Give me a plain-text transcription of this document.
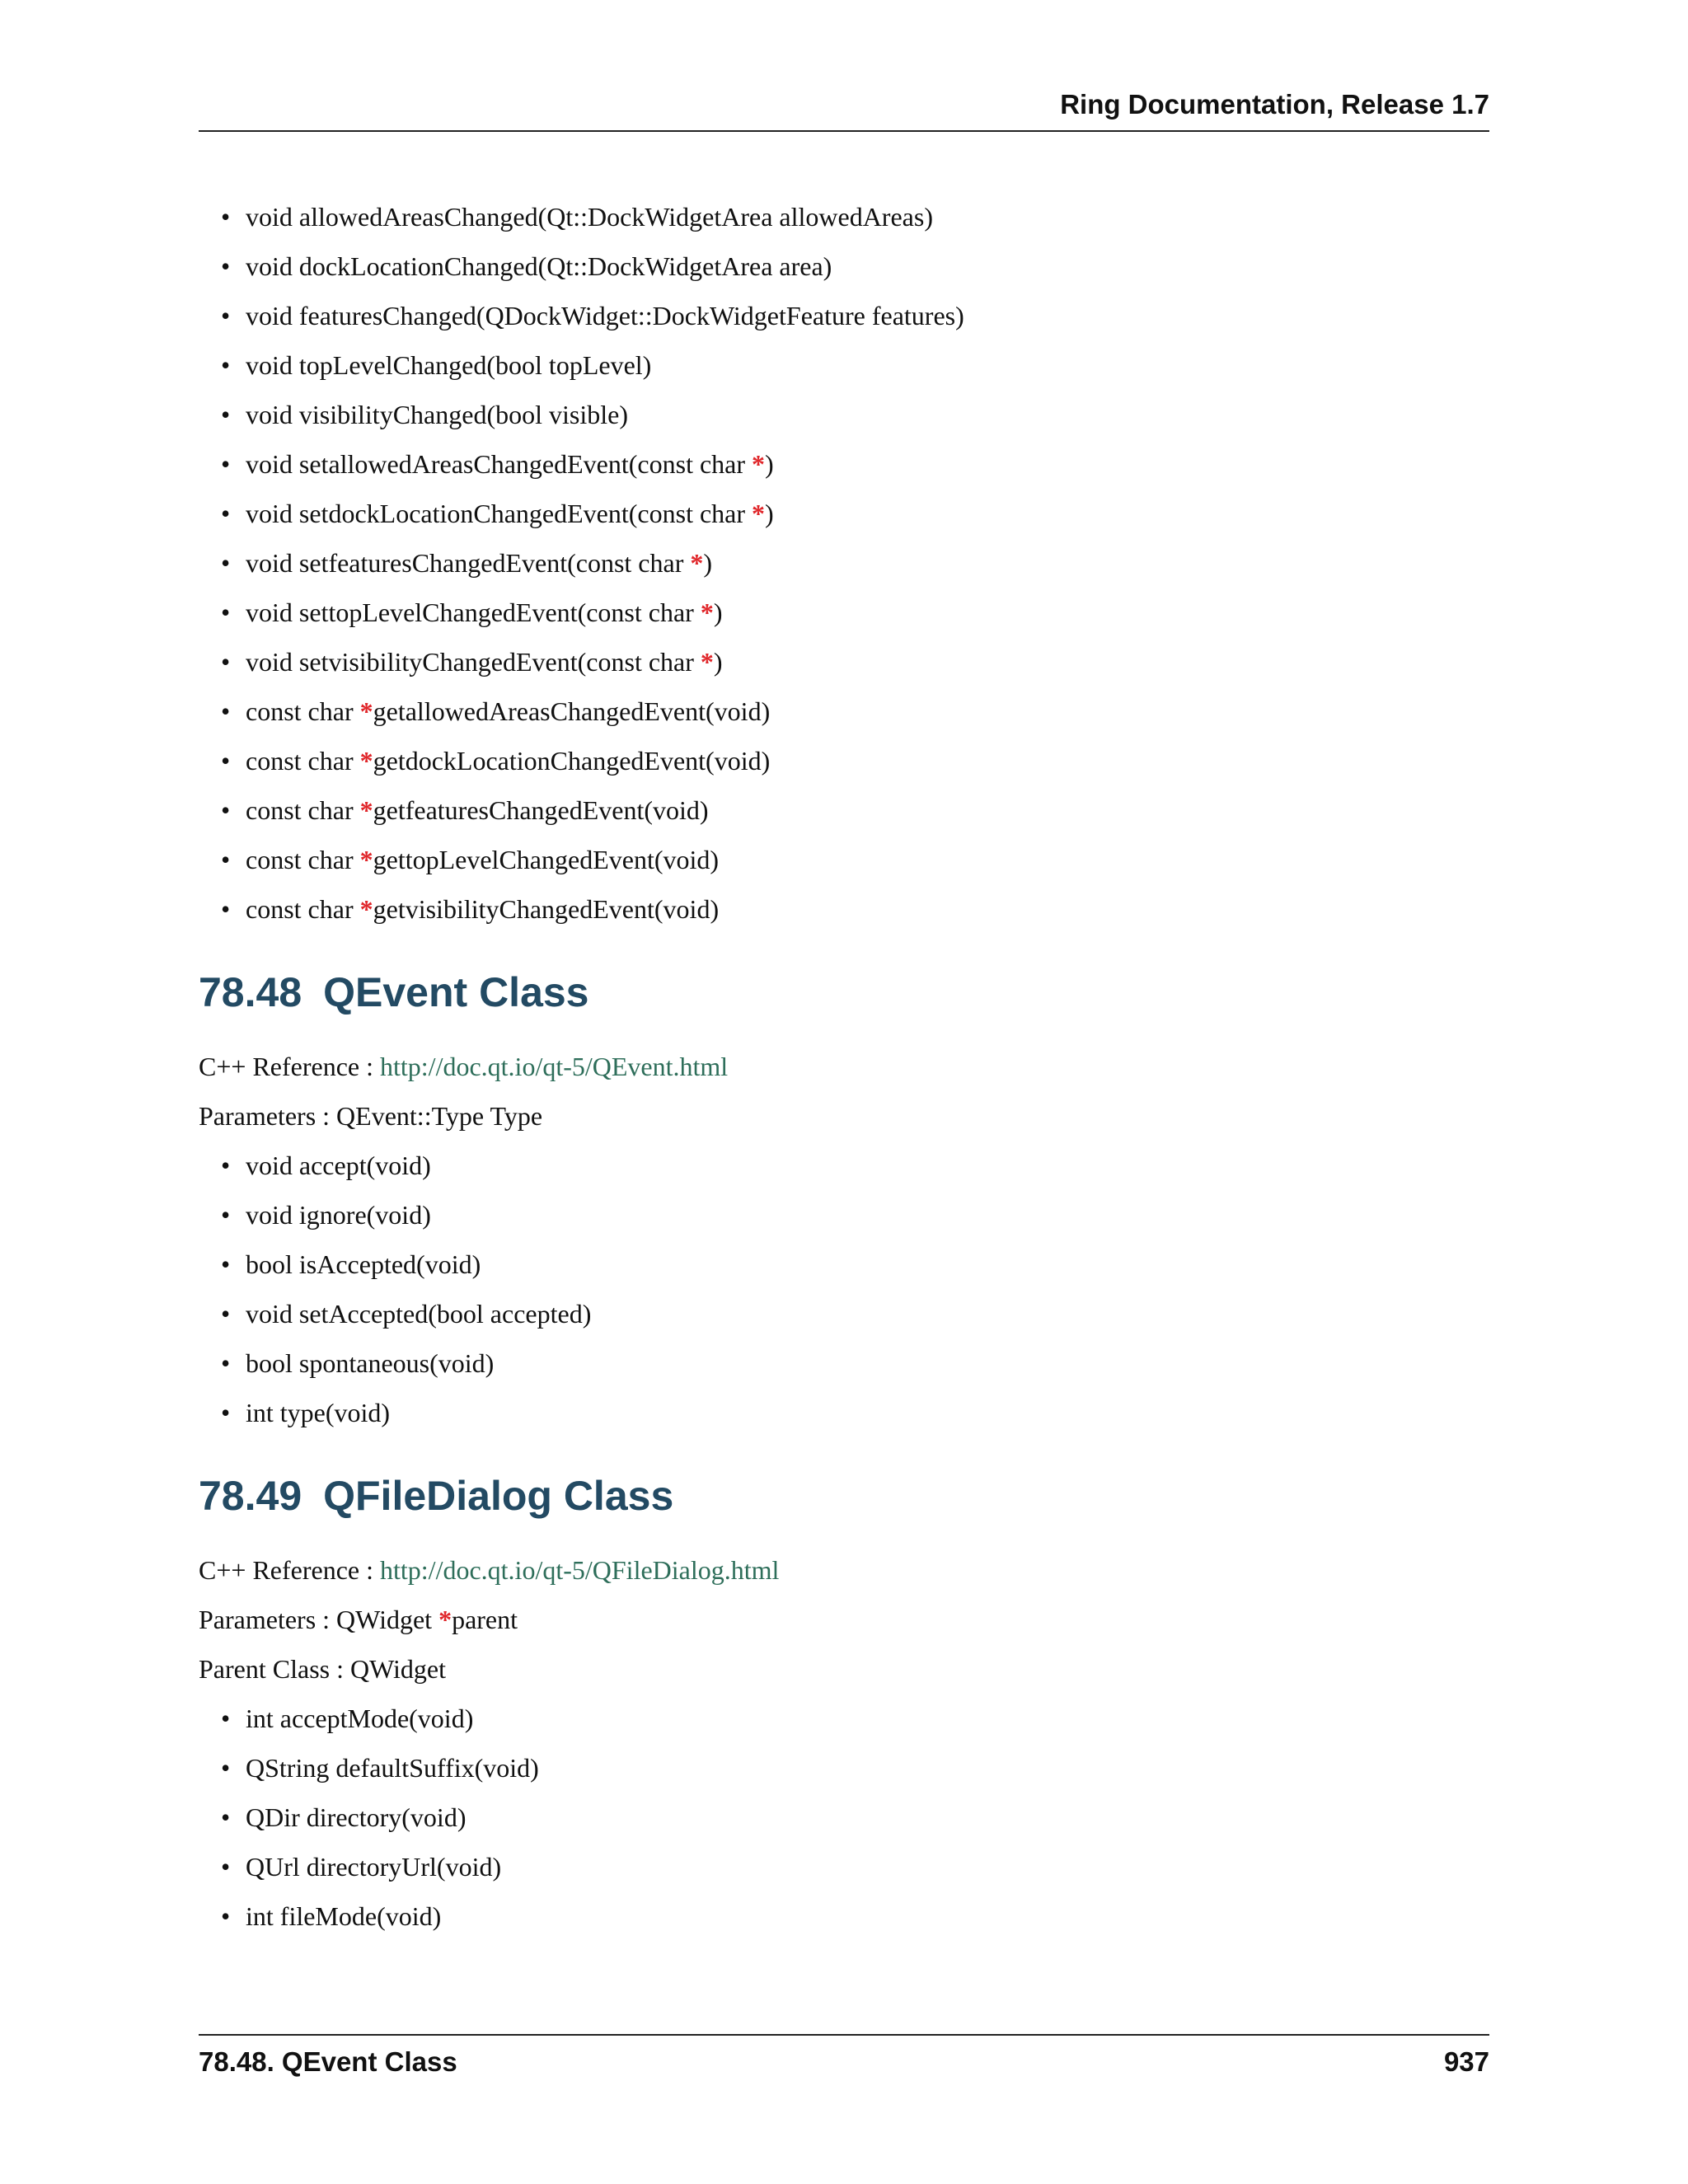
Ring Documentation, Release 1.7
• void allowedAreasChanged(Qt::DockWidgetArea allowedAreas)
• void dockLocationChanged(Qt::DockWidgetArea area)
• void featuresChanged(QDockWidget::DockWidgetFeature features)
• void topLevelChanged(bool topLevel)
• void visibilityChanged(bool visible)
• void setallowedAreasChangedEvent(const char *)
• void setdockLocationChangedEvent(const char *)
• void setfeaturesChangedEvent(const char *)
• void settopLevelChangedEvent(const char *)
• void setvisibilityChangedEvent(const char *)
• const char *getallowedAreasChangedEvent(void)
• const char *getdockLocationChangedEvent(void)
• const char *getfeaturesChangedEvent(void)
• const char *gettopLevelChangedEvent(void)
• const char *getvisibilityChangedEvent(void)
78.48 QEvent Class

C++ Reference : http://doc.qt.io/qt-5/QEvent.html

Parameters : QEvent::Type Type

• void accept(void)
• void ignore(void)
• bool isAccepted(void)
• void setAccepted(bool accepted)
• bool spontaneous(void)
• int type(void)
78.49 QFileDialog Class

C++ Reference : http://doc.qt.io/qt-5/QFileDialog.html

Parameters : QWidget *parent

Parent Class : QWidget

• int acceptMode(void)
• QString defaultSuffix(void)
• QDir directory(void)
• QUrl directoryUrl(void)
• int fileMode(void)
78.48. QEvent Class	937
